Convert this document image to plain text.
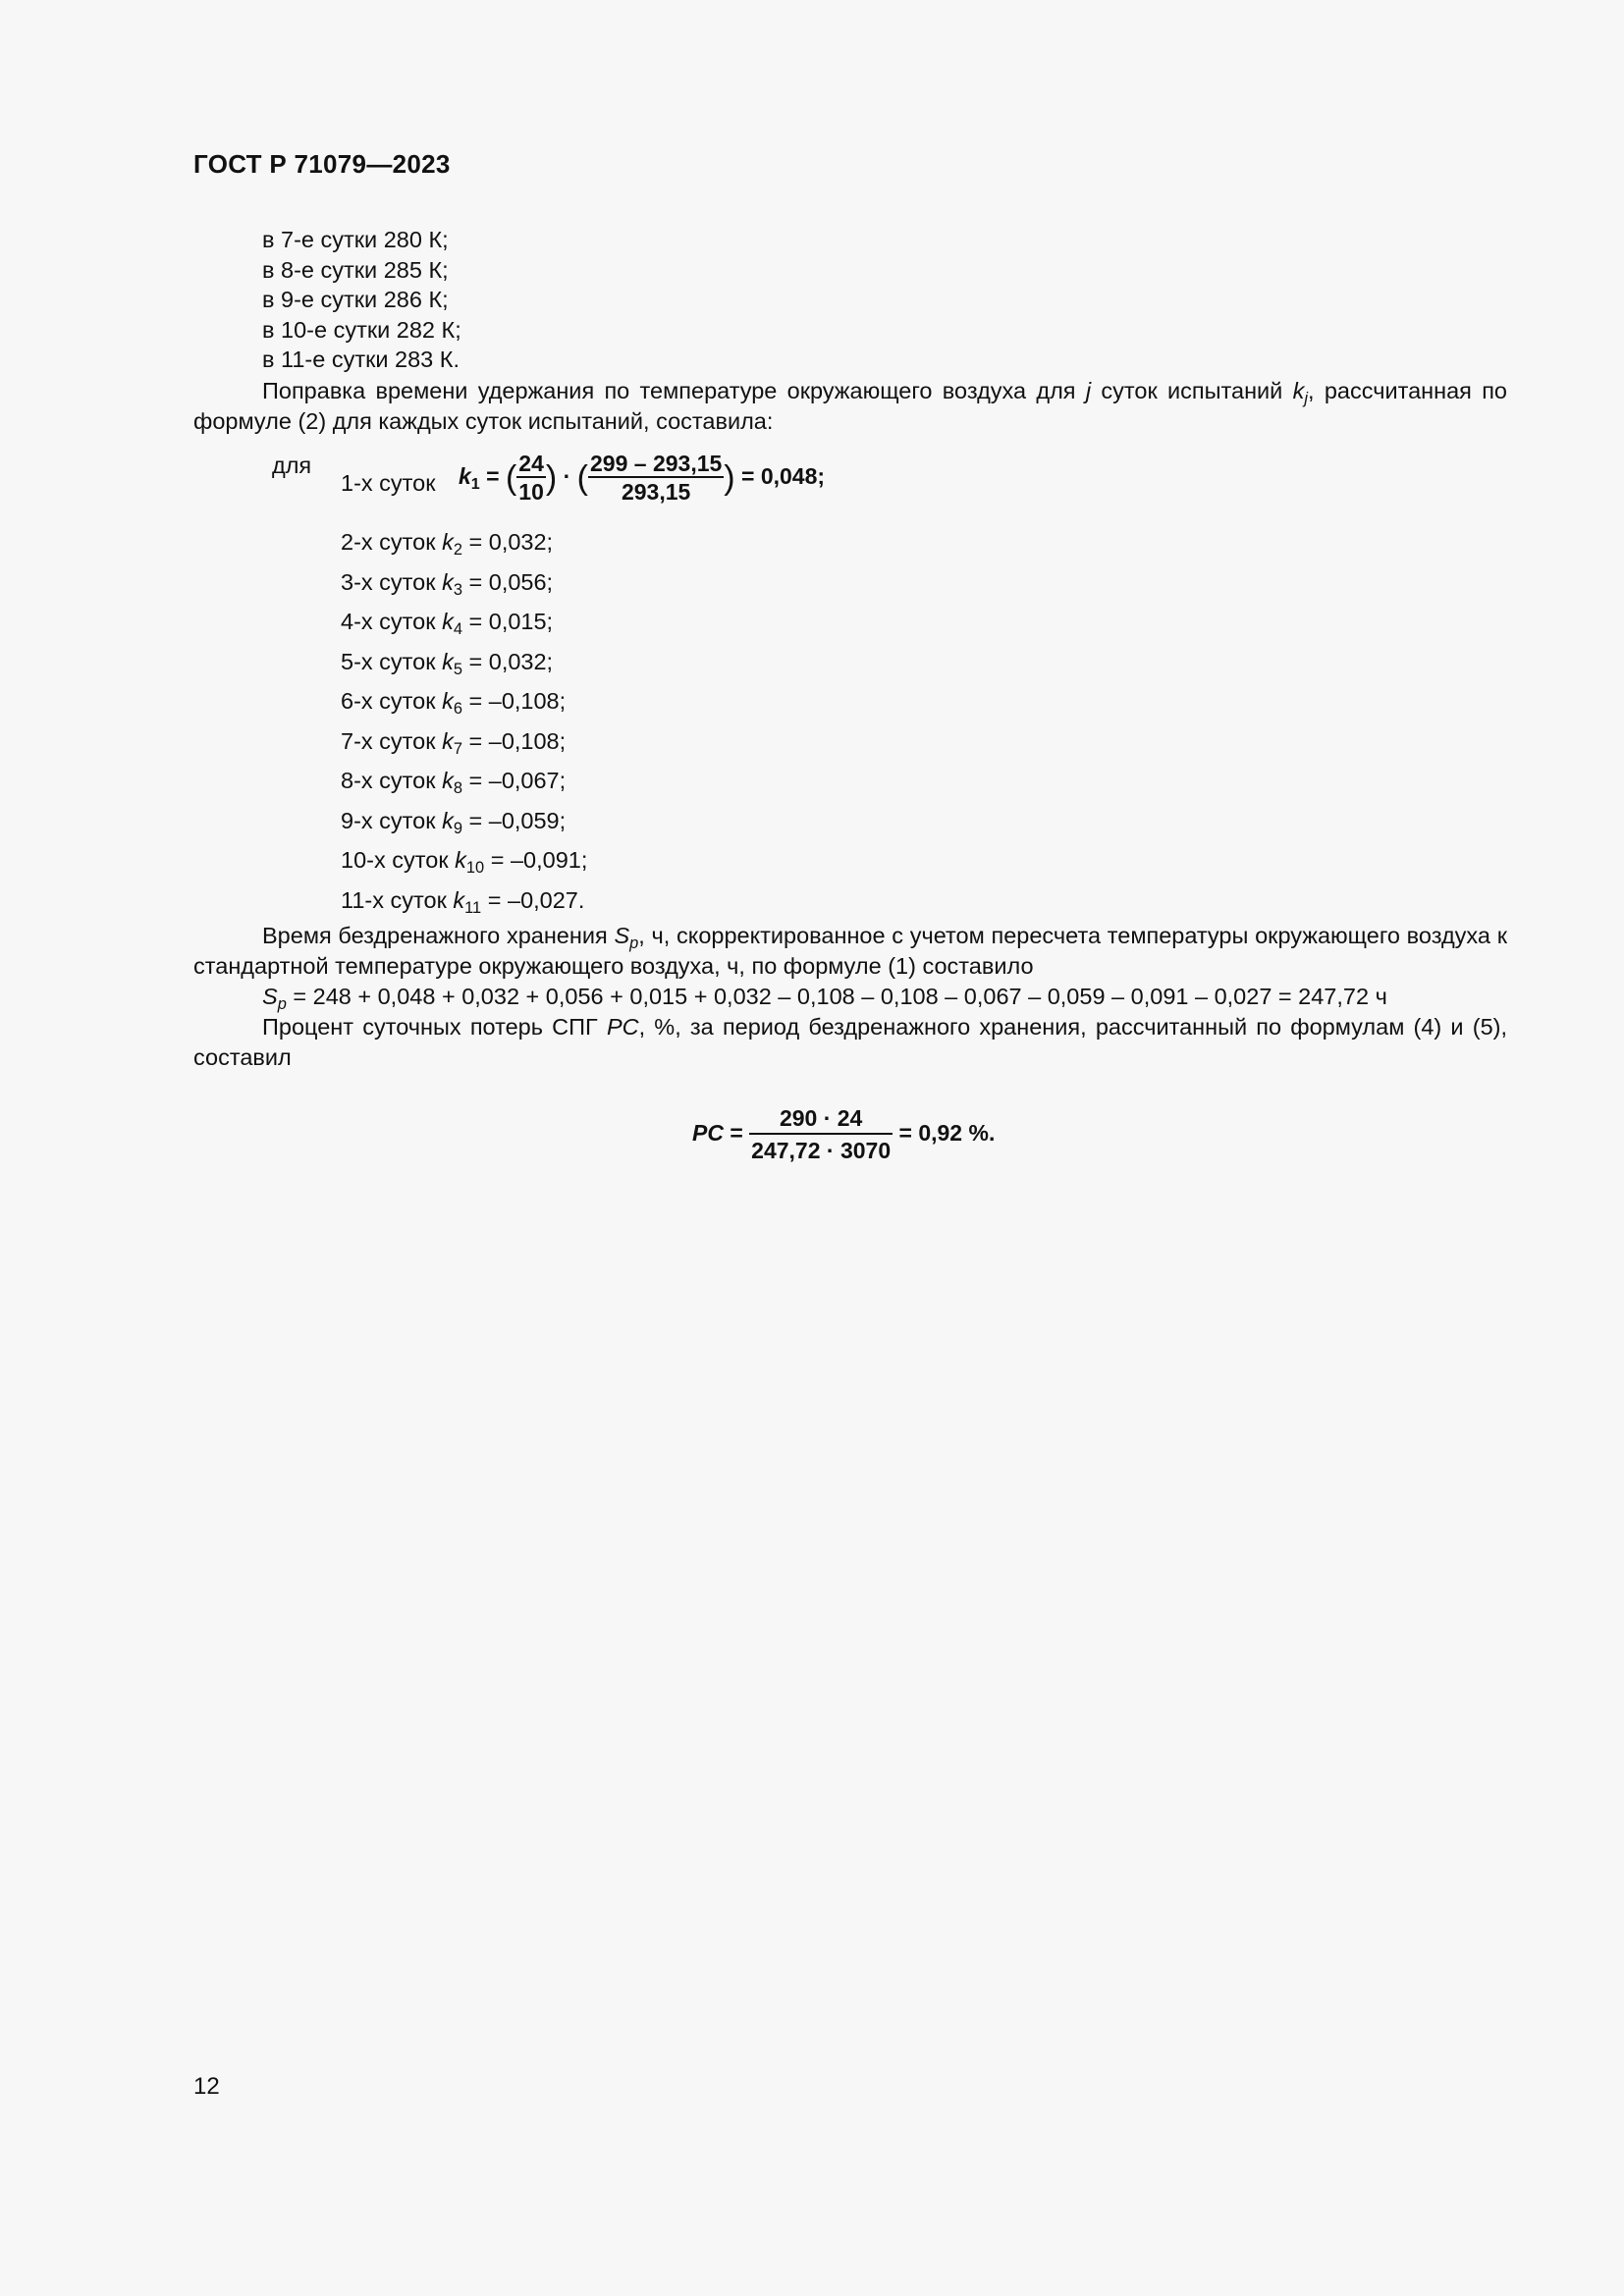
ГОСТ Р 71079—2023
в 7-е сутки 280 К;
в 8-е сутки 285 К;
в 9-е сутки 286 К;
в 10-е сутки 282 К;
в 11-е сутки 283 К.
Поправка времени удержания по температуре окружающего воздуха для j суток испытаний $k_j$, рассчитанная по формуле (2) для каждых суток испытаний, составила:
для
1-х суток $k_1$ = ( $\frac{24}{10}$ ) · ( $\frac{299 - 293,15}{293,15}$ ) = 0,048;
2-х суток $k_2 = 0,032$;
3-х суток $k_3 = 0,056$;
4-х суток $k_4 = 0,015$;
5-х суток $k_5 = 0,032$;
6-х суток $k_6 = -0,108$;
7-х суток $k_7 = -0,108$;
8-х суток $k_8 = -0,067$;
9-х суток $k_9 = -0,059$;
10-х суток $k_{10} = -0,091$;
11-х суток $k_{11} = -0,027$.
Время бездренажного хранения $S_p$, ч, скорректированное с учетом пересчета температуры окружающего воздуха к стандартной температуре окружающего воздуха, ч, по формуле (1) составило
$S_p = 248 + 0,048 + 0,032 + 0,056 + 0,015 + 0,032 - 0,108 - 0,108 - 0,067 - 0,059 - 0,091 - 0,027 = 247,72$ ч
Процент суточных потерь СПГ PC, %, за период бездренажного хранения, рассчитанный по формулам (4) и (5), составил
PC = $\frac{290 \cdot 24}{247,72 \cdot 3070} = 0,92$ %.
12
